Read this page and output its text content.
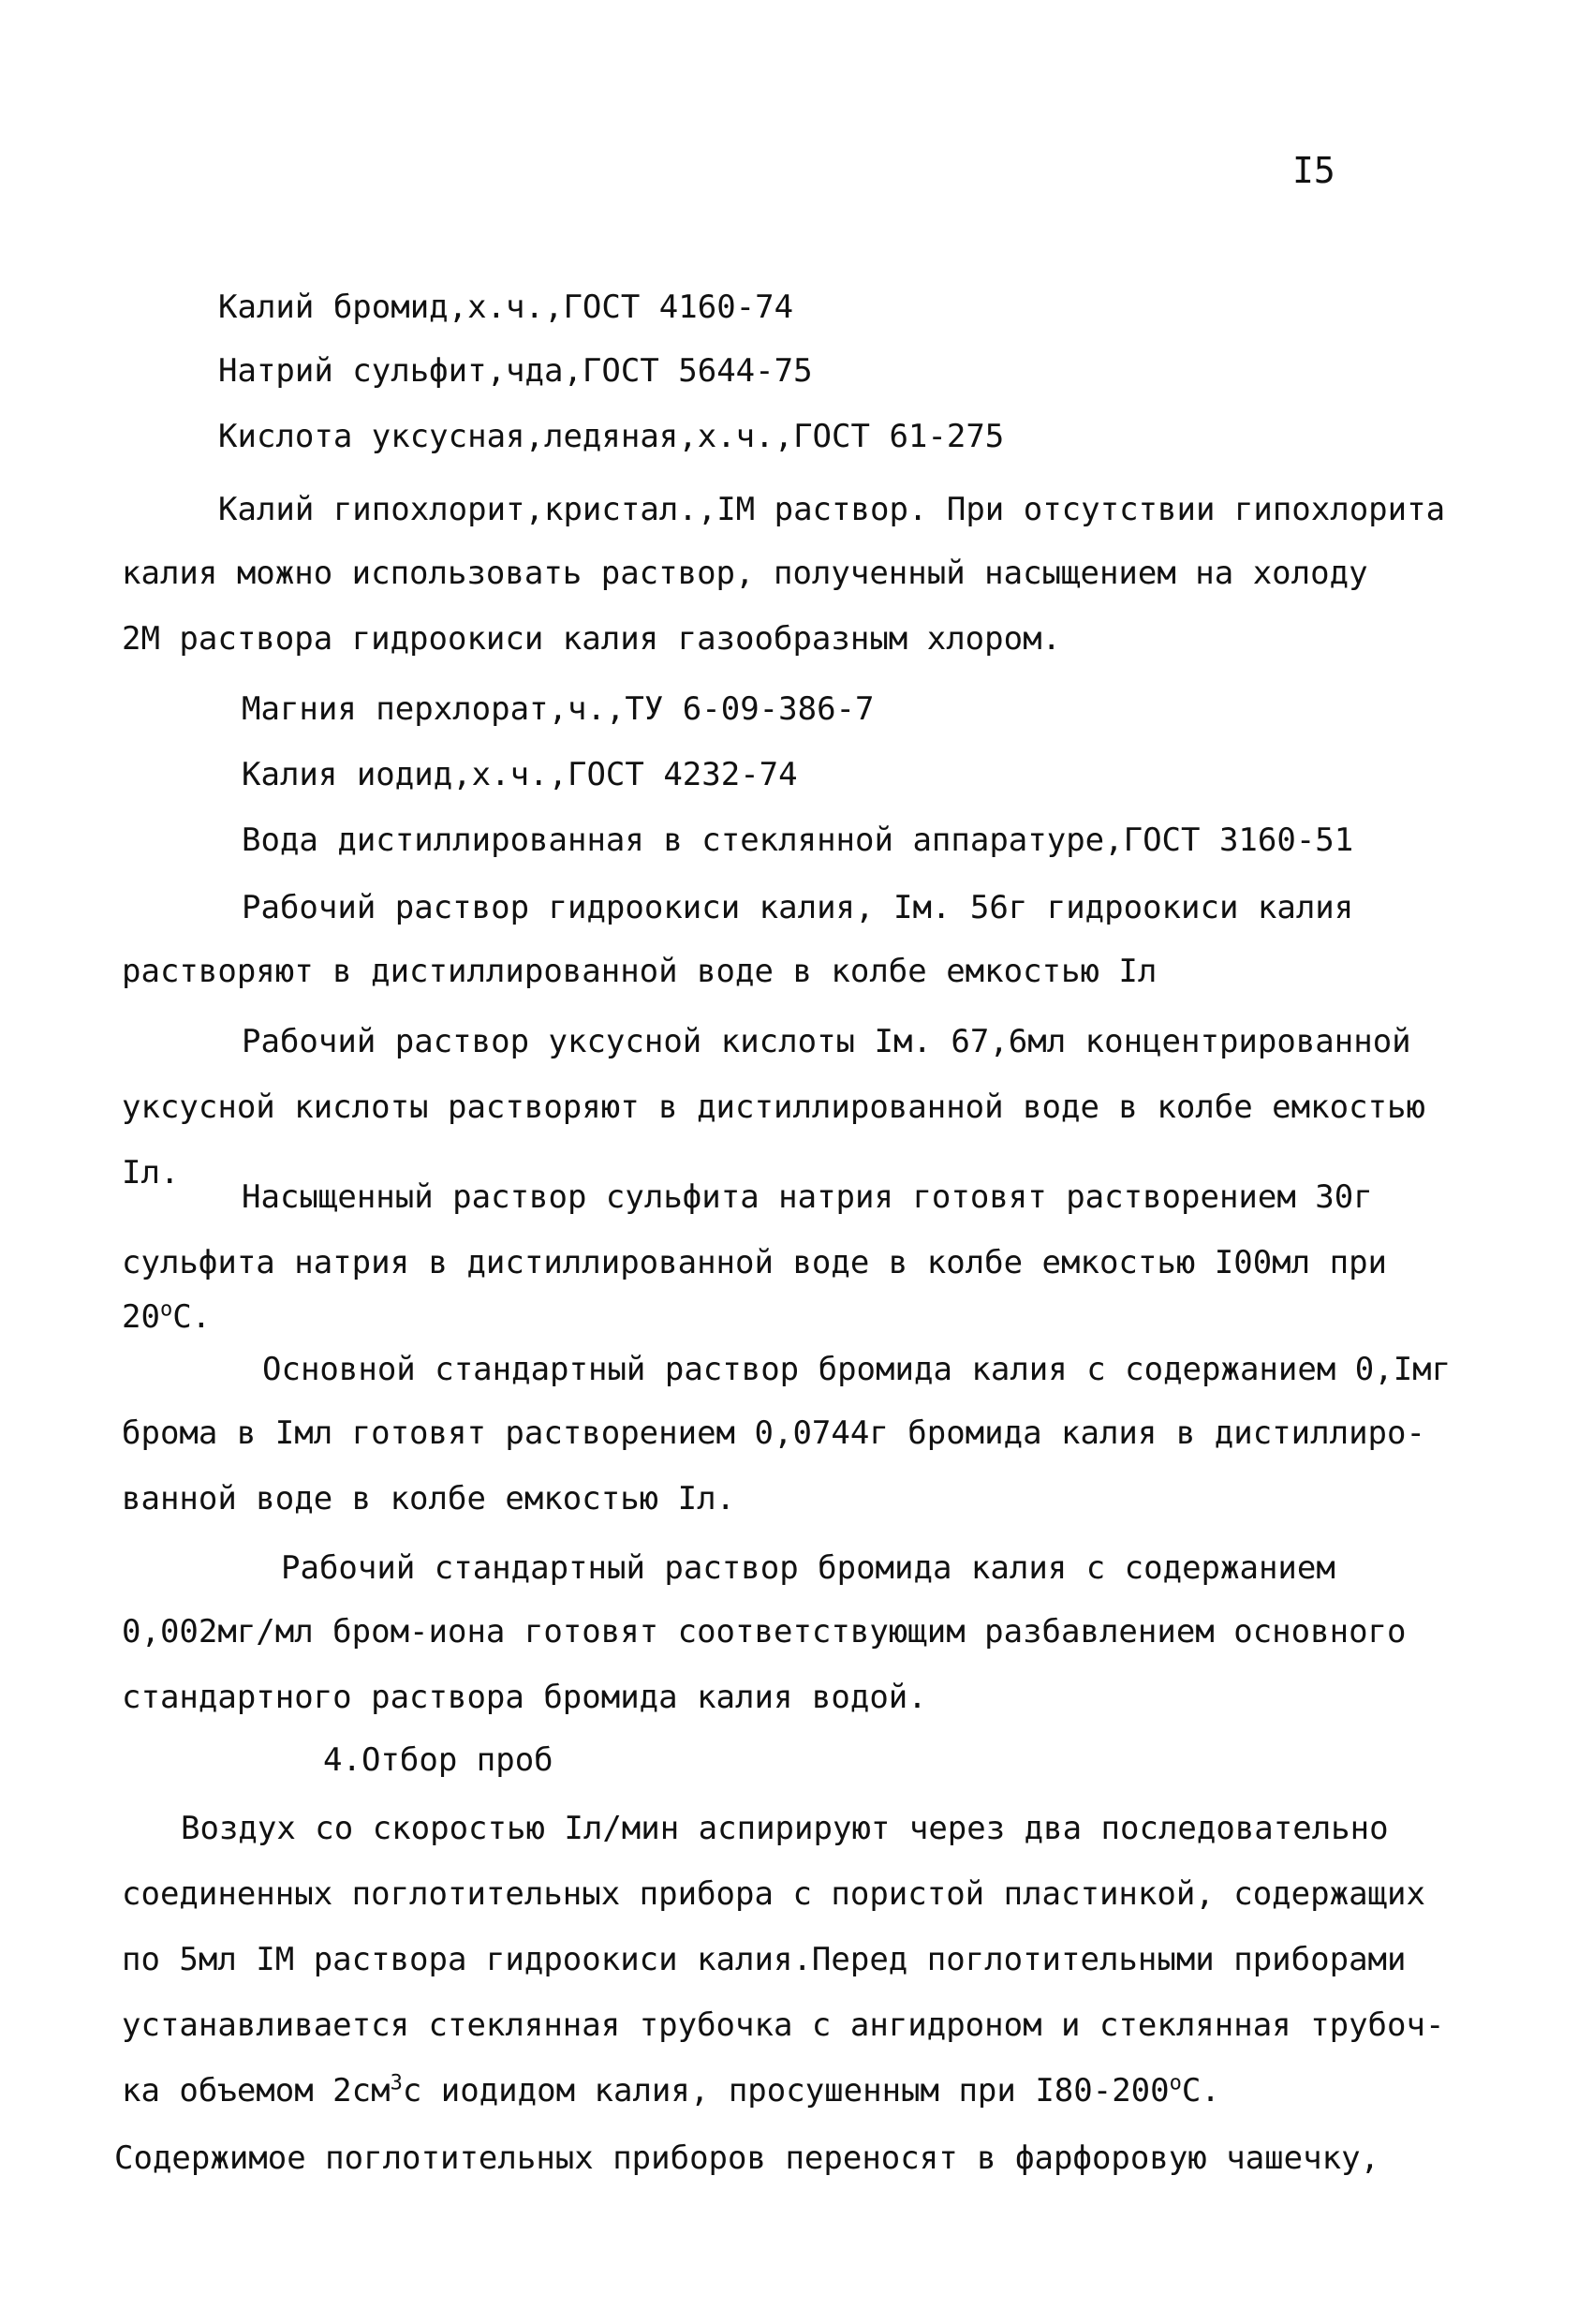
I5
Калий бромид,х.ч.,ГОСТ 4160-74
Натрий сульфит,чда,ГОСТ 5644-75
Кислота уксусная,ледяная,х.ч.,ГОСТ 61-275
Калий гипохлорит,кристал.,IM раствор. При отсутствии гипохлорита
калия можно использовать раствор, полученный насыщением на холоду
2M раствора гидроокиси калия газообразным хлором.
Магния перхлорат,ч.,ТУ 6-09-386-7
Калия иодид,х.ч.,ГОСТ 4232-74
Вода дистиллированная в стеклянной аппаратуре,ГОСТ 3160-51
Рабочий раствор гидроокиси калия, Iм. 56г гидроокиси калия
растворяют в дистиллированной воде в колбе емкостью Iл
Рабочий раствор уксусной кислоты Iм. 67,6мл концентрированной
уксусной кислоты растворяют в дистиллированной воде в колбе емкостью
Iл.
Насыщенный раствор сульфита натрия готовят растворением 30г
сульфита натрия в дистиллированной воде в колбе емкостью I00мл при
20$^o$С.
Основной стандартный раствор бромида калия с содержанием 0,Iмг
брома в Iмл готовят растворением 0,0744г бромида калия в дистиллиро-
ванной воде в колбе емкостью Iл.
Рабочий стандартный раствор бромида калия с содержанием
0,002мг/мл бром-иона готовят соответствующим разбавлением основного
стандартного раствора бромида калия водой.
4.Отбор проб
Воздух со скоростью Iл/мин аспирируют через два последовательно
соединенных поглотительных прибора с пористой пластинкой, содержащих
по 5мл IM раствора гидроокиси калия.Перед поглотительными приборами
устанавливается стеклянная трубочка с ангидроном и стеклянная трубоч-
ка объемом $2см^3с$ иодидом калия, просушенным при I80-200$^o$С.
Содержимое поглотительных приборов переносят в фарфоровую чашечку,
